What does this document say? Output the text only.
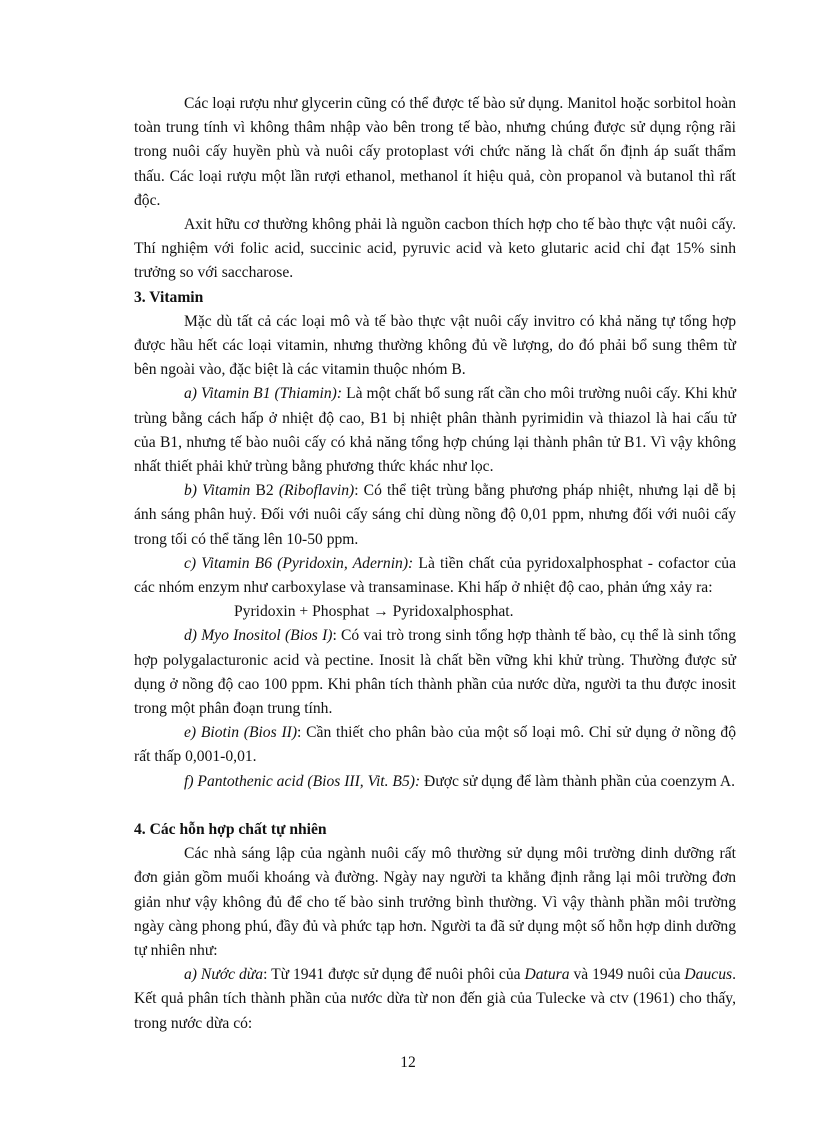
Các loại rượu như glycerin cũng có thể được tế bào sử dụng. Manitol hoặc sorbitol hoàn toàn trung tính vì không thâm nhập vào bên trong tế bào, nhưng chúng được sử dụng rộng rãi trong nuôi cấy huyền phù và nuôi cấy protoplast với chức năng là chất ổn định áp suất thẩm thấu. Các loại rượu một lần rượi ethanol, methanol ít hiệu quả, còn propanol và butanol thì rất độc.

Axit hữu cơ thường không phải là nguồn cacbon thích hợp cho tế bào thực vật nuôi cấy. Thí nghiệm với folic acid, succinic acid, pyruvic acid và keto glutaric acid chỉ đạt 15% sinh trưởng so với saccharose.

3. Vitamin

Mặc dù tất cả các loại mô và tế bào thực vật nuôi cấy invitro có khả năng tự tổng hợp được hầu hết các loại vitamin, nhưng thường không đủ về lượng, do đó phải bổ sung thêm từ bên ngoài vào, đặc biệt là các vitamin thuộc nhóm B.

a) Vitamin B1 (Thiamin): Là một chất bổ sung rất cần cho môi trường nuôi cấy. Khi khử trùng bằng cách hấp ở nhiệt độ cao, B1 bị nhiệt phân thành pyrimidin và thiazol là hai cấu tử của B1, nhưng tế bào nuôi cấy có khả năng tổng hợp chúng lại thành phân tử B1. Vì vậy không nhất thiết phải khử trùng bằng phương thức khác như lọc.

b) Vitamin B2 (Riboflavin): Có thể tiệt trùng bằng phương pháp nhiệt, nhưng lại dễ bị ánh sáng phân huỷ. Đối với nuôi cấy sáng chỉ dùng nồng độ 0,01 ppm, nhưng đối với nuôi cấy trong tối có thể tăng lên 10-50 ppm.

c) Vitamin B6 (Pyridoxin, Adernin): Là tiền chất của pyridoxalphosphat - cofactor của các nhóm enzym như carboxylase và transaminase. Khi hấp ở nhiệt độ cao, phản ứng xảy ra:

Pyridoxin + Phosphat → Pyridoxalphosphat.

d) Myo Inositol (Bios I): Có vai trò trong sinh tổng hợp thành tế bào, cụ thể là sinh tổng hợp polygalacturonic acid và pectine. Inosit là chất bền vững khi khử trùng. Thường được sử dụng ở nồng độ cao 100 ppm. Khi phân tích thành phần của nước dừa, người ta thu được inosit trong một phân đoạn trung tính.

e) Biotin (Bios II): Cần thiết cho phân bào của một số loại mô. Chỉ sử dụng ở nồng độ rất thấp 0,001-0,01.

f) Pantothenic acid (Bios III, Vit. B5): Được sử dụng để làm thành phần của coenzym A.

4. Các hỗn hợp chất tự nhiên

Các nhà sáng lập của ngành nuôi cấy mô thường sử dụng môi trường dinh dưỡng rất đơn giản gồm muối khoáng và đường. Ngày nay người ta khẳng định rằng lại môi trường đơn giản như vậy không đủ để cho tế bào sinh trưởng bình thường. Vì vậy thành phần môi trường ngày càng phong phú, đầy đủ và phức tạp hơn. Người ta đã sử dụng một số hỗn hợp dinh dưỡng tự nhiên như:

a) Nước dừa: Từ 1941 được sử dụng để nuôi phôi của Datura và 1949 nuôi của Daucus. Kết quả phân tích thành phần của nước dừa từ non đến già của Tulecke và ctv (1961) cho thấy, trong nước dừa có:

12
